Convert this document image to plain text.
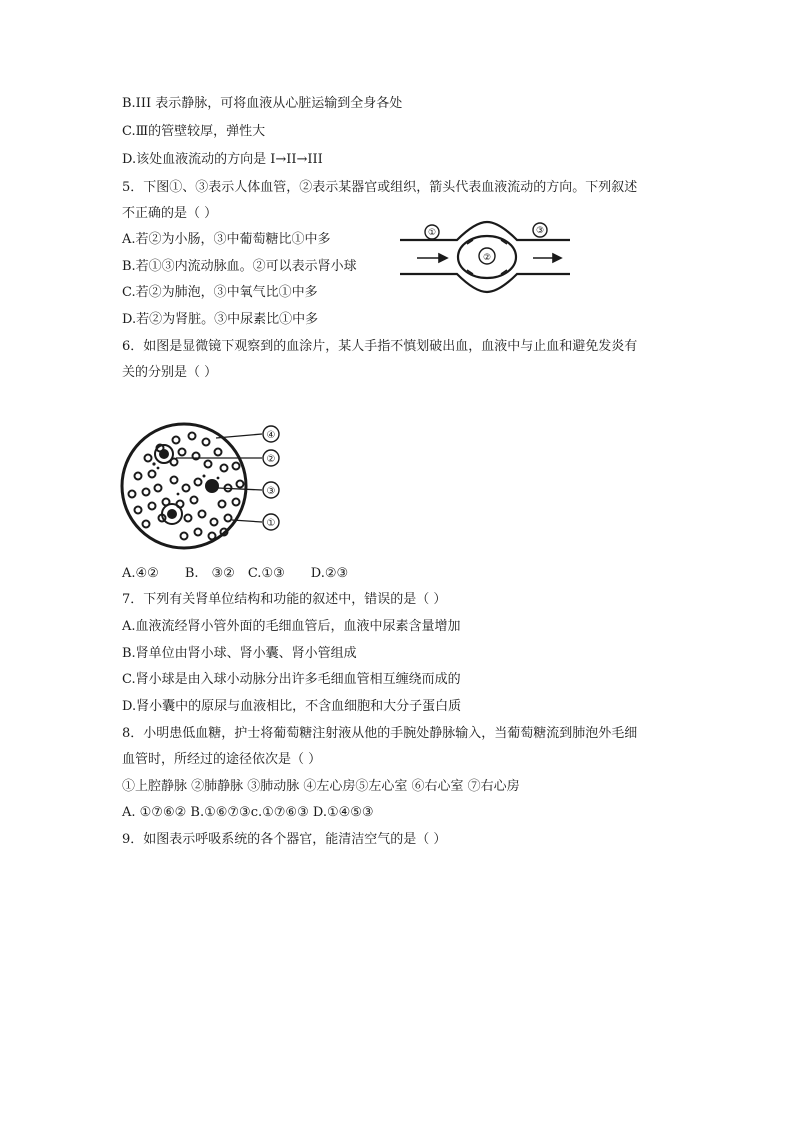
B.III 表示静脉，可将血液从心脏运输到全身各处
C.Ⅲ的管壁较厚，弹性大
D.该处血液流动的方向是 I→II→III
5．下图①、③表示人体血管，②表示某器官或组织，箭头代表血液流动的方向。下列叙述
不正确的是（ ）
A.若②为小肠，③中葡萄糖比①中多
B.若①③内流动脉血。②可以表示肾小球
C.若②为肺泡，③中氧气比①中多
D.若②为肾脏。③中尿素比①中多
①
②
③
6．如图是显微镜下观察到的血涂片，某人手指不慎划破出血，血液中与止血和避免发炎有
关的分别是（ ）
④
②
③
①
A.④②　　B.　③②　C.①③　　D.②③
7．下列有关肾单位结构和功能的叙述中，错误的是（ ）
A.血液流经肾小管外面的毛细血管后，血液中尿素含量增加
B.肾单位由肾小球、肾小囊、肾小管组成
C.肾小球是由入球小动脉分出许多毛细血管相互缠绕而成的
D.肾小囊中的原尿与血液相比，不含血细胞和大分子蛋白质
8．小明患低血糖，护士将葡萄糖注射液从他的手腕处静脉输入，当葡萄糖流到肺泡外毛细
血管时，所经过的途径依次是（ ）
①上腔静脉 ②肺静脉 ③肺动脉 ④左心房⑤左心室 ⑥右心室 ⑦右心房
A. ①⑦⑥② B.①⑥⑦③c.①⑦⑥③ D.①④⑤③
9．如图表示呼吸系统的各个器官，能清洁空气的是（ ）
